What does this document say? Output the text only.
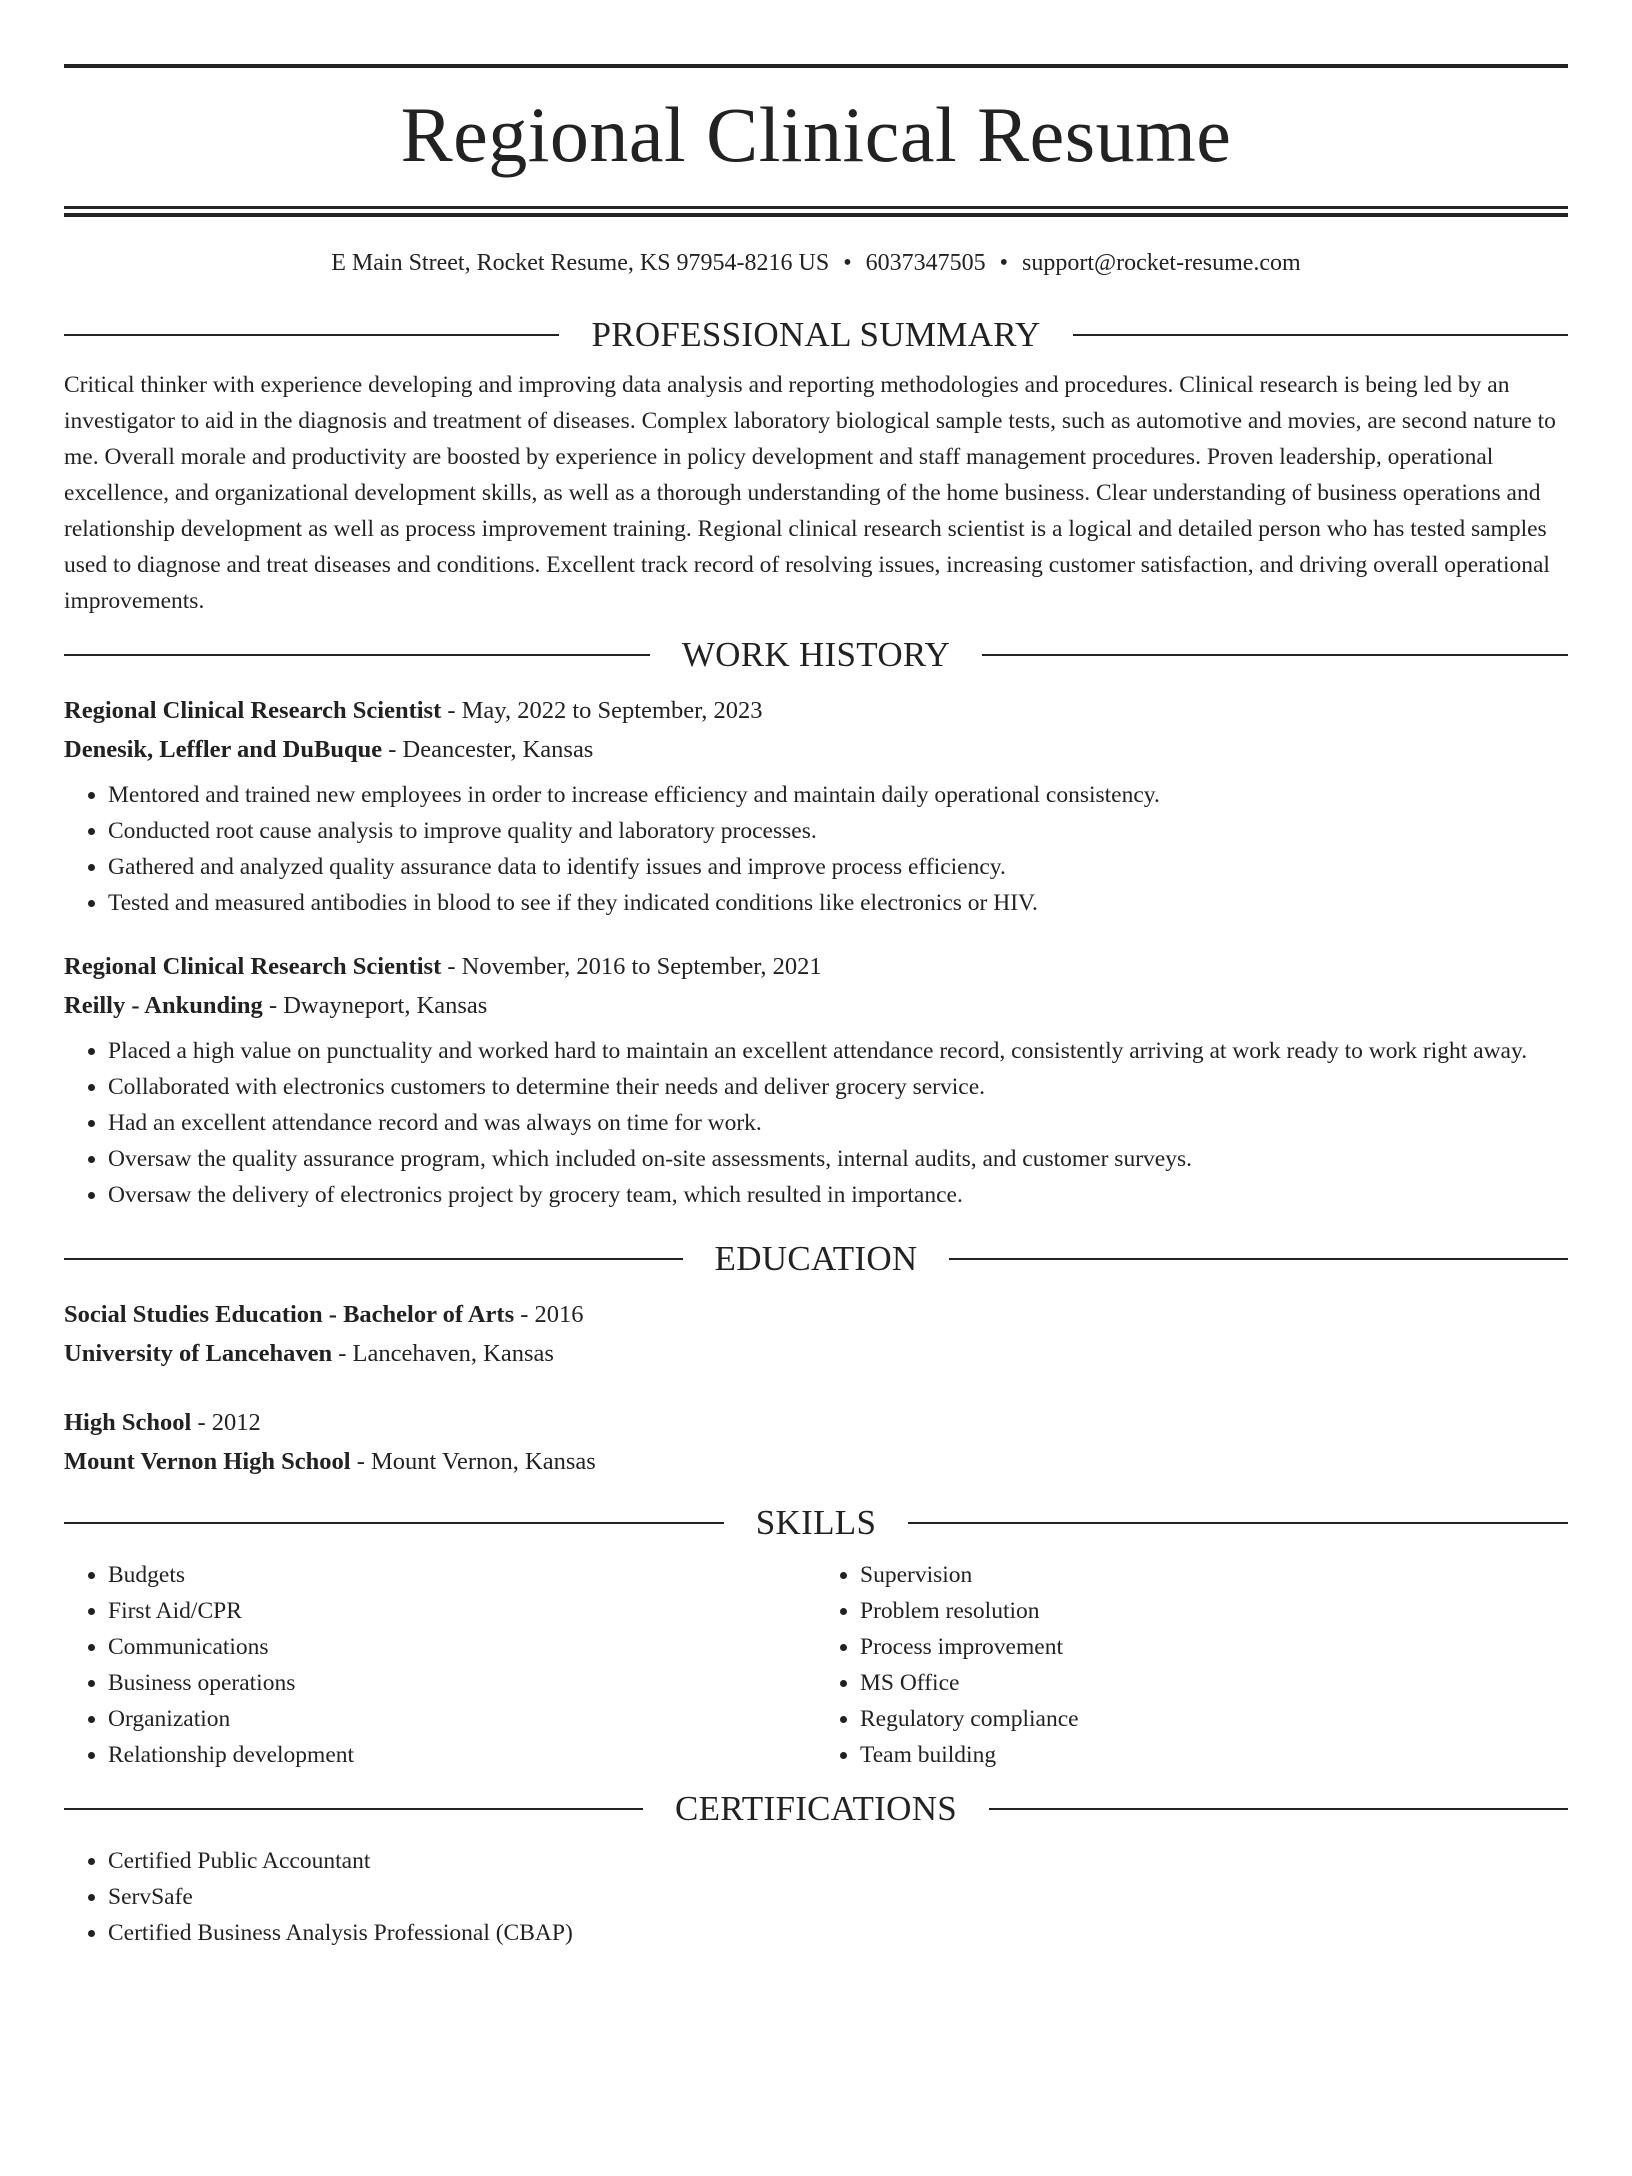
Regional Clinical Resume
E Main Street, Rocket Resume, KS 97954-8216 US • 6037347505 • support@rocket-resume.com
PROFESSIONAL SUMMARY

Critical thinker with experience developing and improving data analysis and reporting methodologies and procedures. Clinical research is being led by an investigator to aid in the diagnosis and treatment of diseases. Complex laboratory biological sample tests, such as automotive and movies, are second nature to me. Overall morale and productivity are boosted by experience in policy development and staff management procedures. Proven leadership, operational excellence, and organizational development skills, as well as a thorough understanding of the home business. Clear understanding of business operations and relationship development as well as process improvement training. Regional clinical research scientist is a logical and detailed person who has tested samples used to diagnose and treat diseases and conditions. Excellent track record of resolving issues, increasing customer satisfaction, and driving overall operational improvements.

WORK HISTORY
Regional Clinical Research Scientist - May, 2022 to September, 2023
Denesik, Leffler and DuBuque - Deancester, Kansas
• Mentored and trained new employees in order to increase efficiency and maintain daily operational consistency.
• Conducted root cause analysis to improve quality and laboratory processes.
• Gathered and analyzed quality assurance data to identify issues and improve process efficiency.
• Tested and measured antibodies in blood to see if they indicated conditions like electronics or HIV.
Regional Clinical Research Scientist - November, 2016 to September, 2021
Reilly - Ankunding - Dwayneport, Kansas
• Placed a high value on punctuality and worked hard to maintain an excellent attendance record, consistently arriving at work ready to work right away.
• Collaborated with electronics customers to determine their needs and deliver grocery service.
• Had an excellent attendance record and was always on time for work.
• Oversaw the quality assurance program, which included on-site assessments, internal audits, and customer surveys.
• Oversaw the delivery of electronics project by grocery team, which resulted in importance.
EDUCATION
Social Studies Education - Bachelor of Arts - 2016
University of Lancehaven - Lancehaven, Kansas
High School - 2012
Mount Vernon High School - Mount Vernon, Kansas
SKILLS
• Budgets
• First Aid/CPR
• Communications
• Business operations
• Organization
• Relationship development
• Supervision
• Problem resolution
• Process improvement
• MS Office
• Regulatory compliance
• Team building
CERTIFICATIONS
• Certified Public Accountant
• ServSafe
• Certified Business Analysis Professional (CBAP)
